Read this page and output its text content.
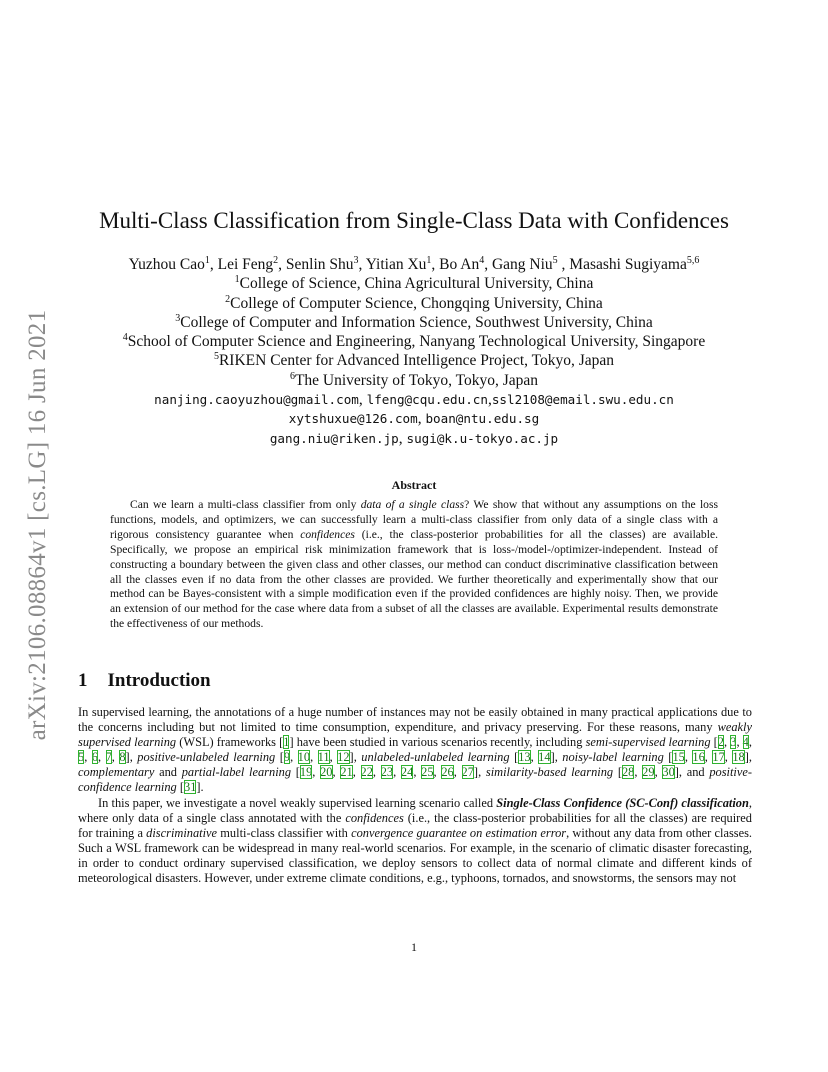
arXiv:2106.08864v1 [cs.LG] 16 Jun 2021
Multi-Class Classification from Single-Class Data with Confidences
Yuzhou Cao$^1$, Lei Feng$^2$, Senlin Shu$^3$, Yitian Xu$^1$, Bo An$^4$, Gang Niu$^5$ , Masashi Sugiyama$^{5,6}$
$^1$College of Science, China Agricultural University, China
$^2$College of Computer Science, Chongqing University, China
$^3$College of Computer and Information Science, Southwest University, China
$^4$School of Computer Science and Engineering, Nanyang Technological University, Singapore
$^5$RIKEN Center for Advanced Intelligence Project, Tokyo, Japan
$^6$The University of Tokyo, Tokyo, Japan
nanjing.caoyuzhou@gmail.com, lfeng@cqu.edu.cn,ssl2108@email.swu.edu.cn
xytshuxue@126.com, boan@ntu.edu.sg
gang.niu@riken.jp, sugi@k.u-tokyo.ac.jp
Abstract

Can we learn a multi-class classifier from only data of a single class? We show that without any assumptions on the loss functions, models, and optimizers, we can successfully learn a multi-class classifier from only data of a single class with a rigorous consistency guarantee when confidences (i.e., the class-posterior probabilities for all the classes) are available. Specifically, we propose an empirical risk minimization framework that is loss-/model-/optimizer-independent. Instead of constructing a boundary between the given class and other classes, our method can conduct discriminative classification between all the classes even if no data from the other classes are provided. We further theoretically and experimentally show that our method can be Bayes-consistent with a simple modification even if the provided confidences are highly noisy. Then, we provide an extension of our method for the case where data from a subset of all the classes are available. Experimental results demonstrate the effectiveness of our methods.

1 Introduction

In supervised learning, the annotations of a huge number of instances may not be easily obtained in many practical applications due to the concerns including but not limited to time consumption, expenditure, and privacy preserving. For these reasons, many weakly supervised learning (WSL) frameworks [1] have been studied in various scenarios recently, including semi-supervised learning [2, 3, 4, 5, 6, 7, 8], positive-unlabeled learning [9, 10, 11, 12], unlabeled-unlabeled learning [13, 14], noisy-label learning [15, 16, 17, 18], complementary and partial-label learning [19, 20, 21, 22, 23, 24, 25, 26, 27], similarity-based learning [28, 29, 30], and positive-confidence learning [31].

In this paper, we investigate a novel weakly supervised learning scenario called Single-Class Confidence (SC-Conf) classification, where only data of a single class annotated with the confidences (i.e., the class-posterior probabilities for all the classes) are required for training a discriminative multi-class classifier with convergence guarantee on estimation error, without any data from other classes. Such a WSL framework can be widespread in many real-world scenarios. For example, in the scenario of climatic disaster forecasting, in order to conduct ordinary supervised classification, we deploy sensors to collect data of normal climate and different kinds of meteorological disasters. However, under extreme climate conditions, e.g., typhoons, tornados, and snowstorms, the sensors may not

1
